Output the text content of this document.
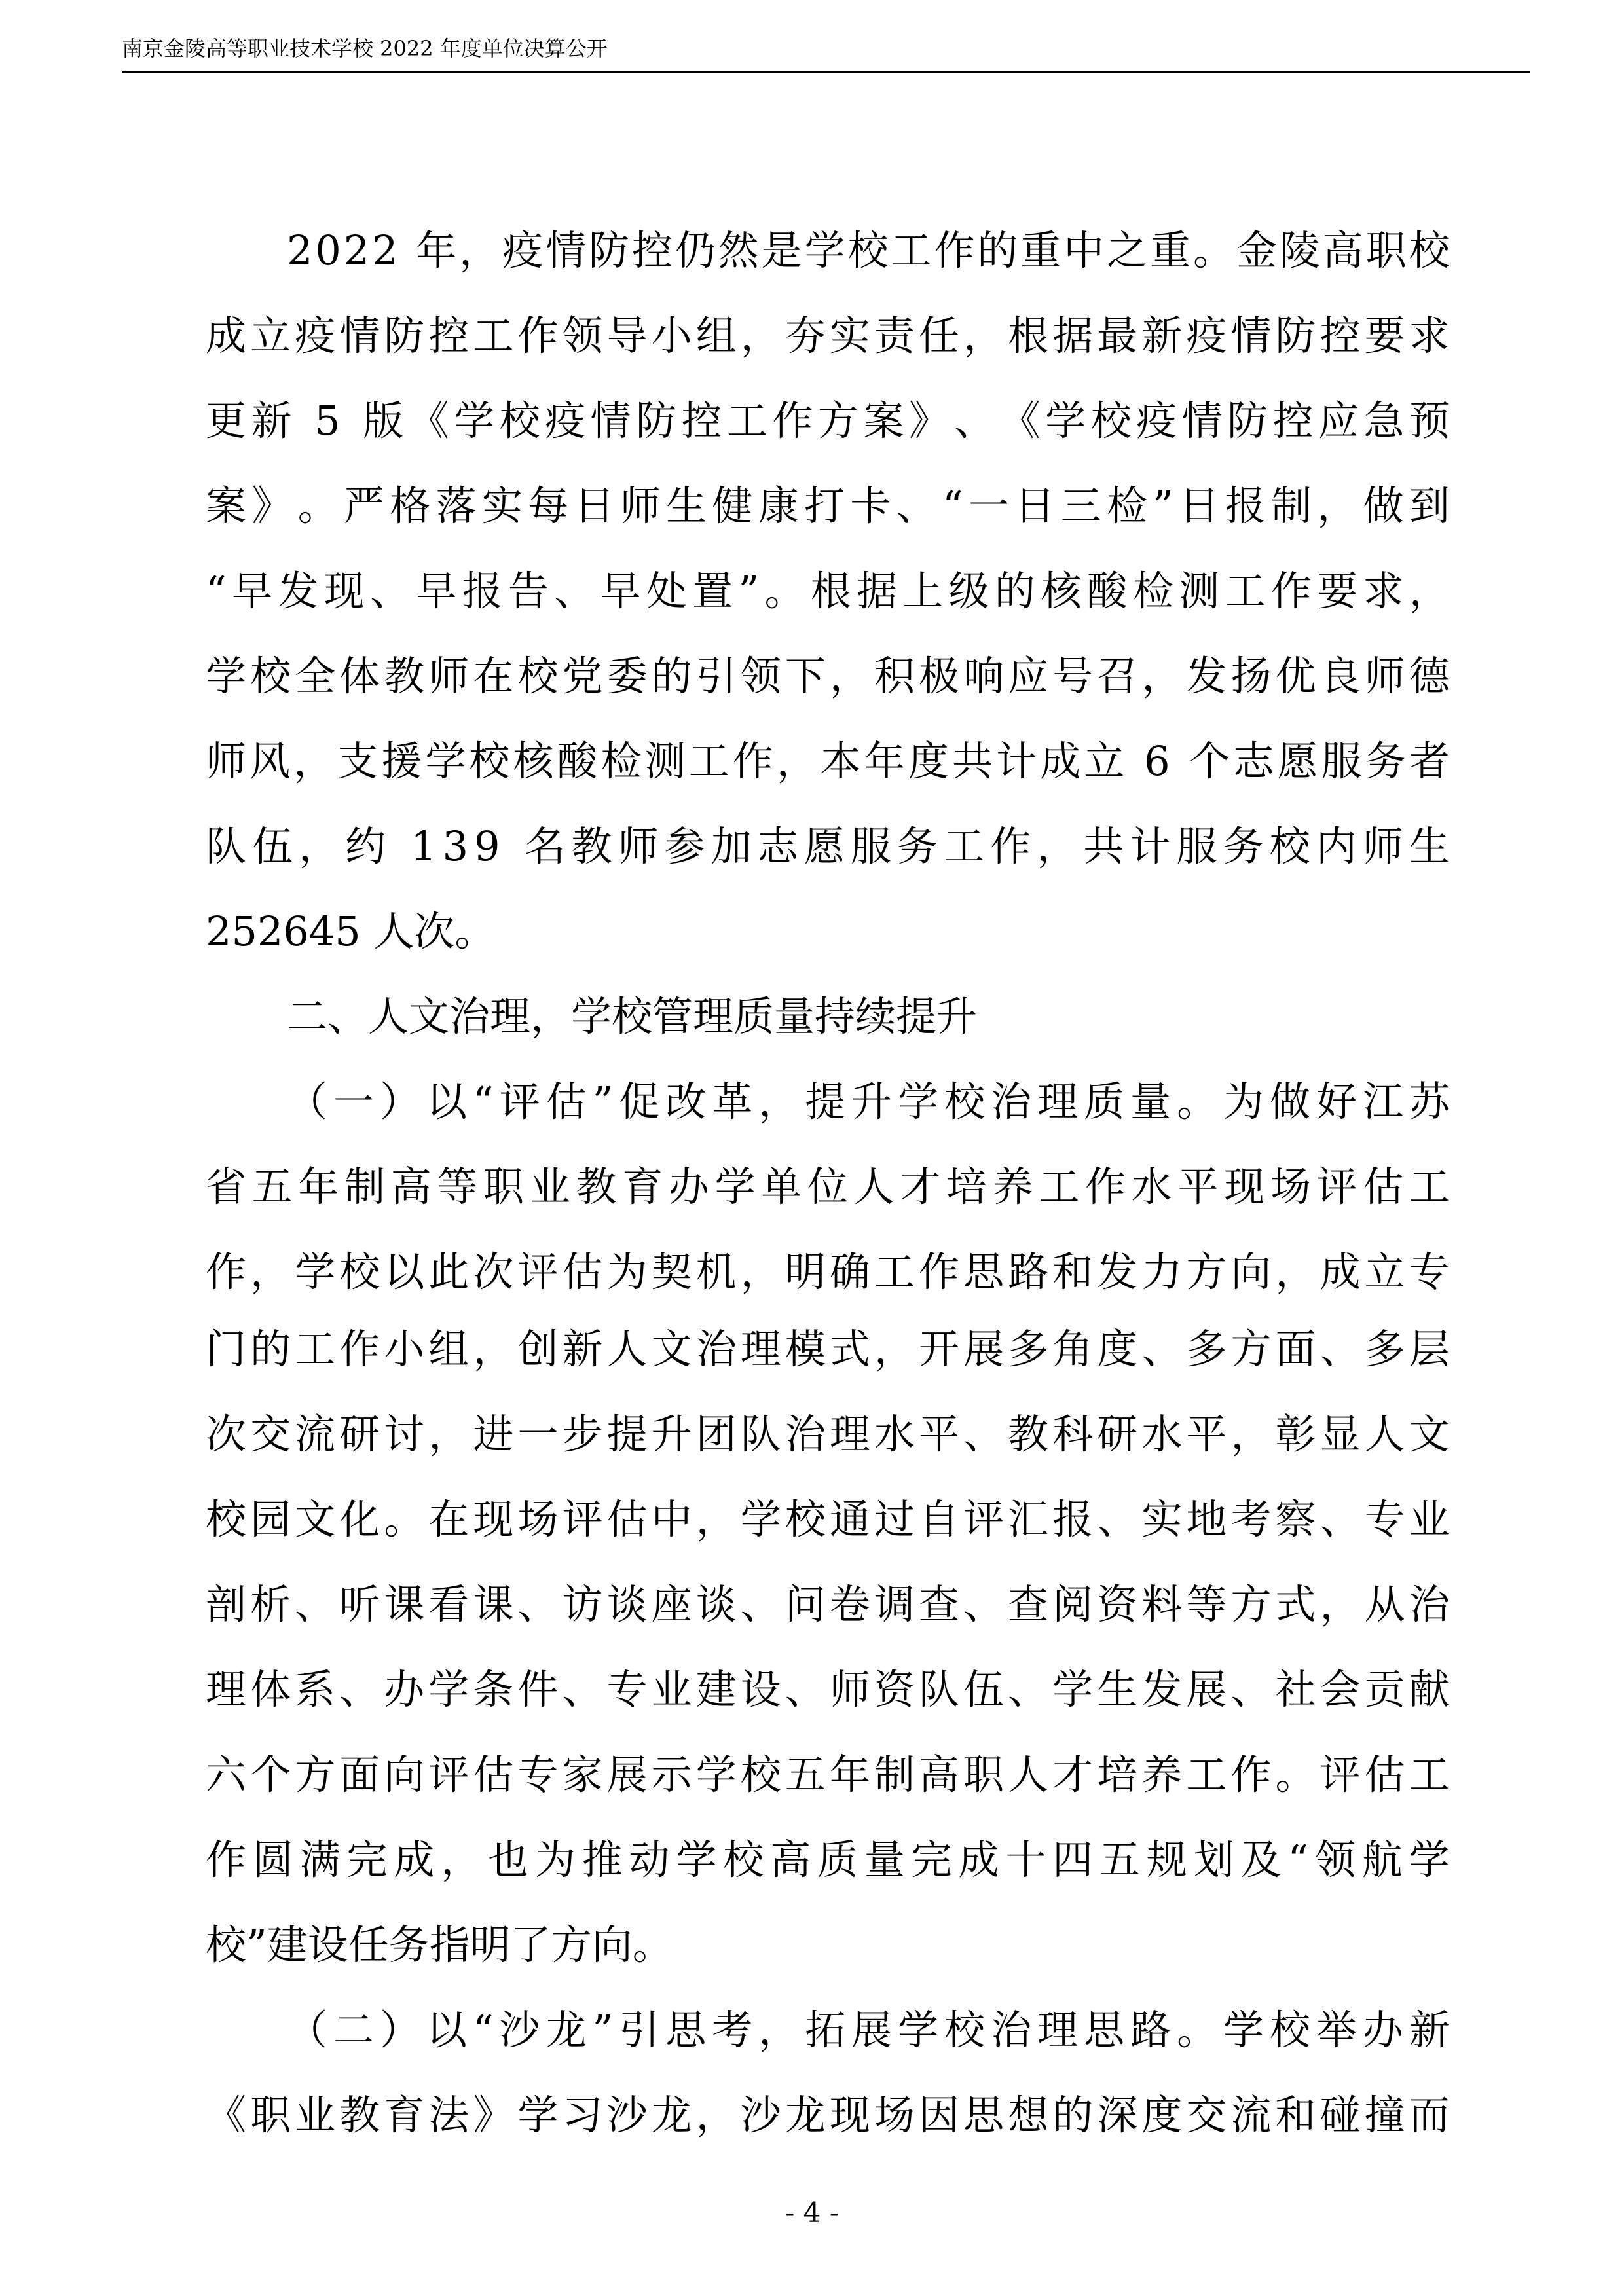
南京金陵高等职业技术学校 2022 年度单位决算公开
2 0 2 2
年 ， 疫 情 防 控 仍 然 是 学 校 工 作 的 重 中 之 重 。 金 陵 高 职 校
成 立 疫 情 防 控 工 作 领 导 小 组 ， 夯 实 责 任 ， 根 据 最 新 疫 情 防 控 要 求
更 新
5
版 《 学 校 疫 情 防 控 工 作 方 案 》 、 《 学 校 疫 情 防 控 应 急 预
案 》 。 严 格 落 实 每 日 师 生 健 康 打 卡 、 “ 一 日 三 检 ” 日 报 制 ， 做 到
“ 早 发 现 、 早 报 告 、 早 处 置 ” 。 根 据 上 级 的 核 酸 检 测 工 作 要 求 ，
学 校 全 体 教 师 在 校 党 委 的 引 领 下 ， 积 极 响 应 号 召 ， 发 扬 优 良 师 德
师 风 ， 支 援 学 校 核 酸 检 测 工 作 ， 本 年 度 共 计 成 立
6
个 志 愿 服 务 者
队 伍 ， 约
1 3 9
名 教 师 参 加 志 愿 服 务 工 作 ， 共 计 服 务 校 内 师 生
252645 人次。
二、人文治理，学校管理质量持续提升
（ 一 ） 以 “ 评 估 ” 促 改 革 ， 提 升 学 校 治 理 质 量 。 为 做 好 江 苏
省 五 年 制 高 等 职 业 教 育 办 学 单 位 人 才 培 养 工 作 水 平 现 场 评 估 工
作 ， 学 校 以 此 次 评 估 为 契 机 ， 明 确 工 作 思 路 和 发 力 方 向 ， 成 立 专
门 的 工 作 小 组 ， 创 新 人 文 治 理 模 式 ， 开 展 多 角 度 、 多 方 面 、 多 层
次 交 流 研 讨 ， 进 一 步 提 升 团 队 治 理 水 平 、 教 科 研 水 平 ， 彰 显 人 文
校 园 文 化 。 在 现 场 评 估 中 ， 学 校 通 过 自 评 汇 报 、 实 地 考 察 、 专 业
剖 析 、 听 课 看 课 、 访 谈 座 谈 、 问 卷 调 查 、 查 阅 资 料 等 方 式 ， 从 治
理 体 系 、 办 学 条 件 、 专 业 建 设 、 师 资 队 伍 、 学 生 发 展 、 社 会 贡 献
六 个 方 面 向 评 估 专 家 展 示 学 校 五 年 制 高 职 人 才 培 养 工 作 。 评 估 工
作 圆 满 完 成 ， 也 为 推 动 学 校 高 质 量 完 成 十 四 五 规 划 及 “ 领 航 学
校”建设任务指明了方向。
（ 二 ） 以 “ 沙 龙 ” 引 思 考 ， 拓 展 学 校 治 理 思 路 。 学 校 举 办 新
《 职 业 教 育 法 》 学 习 沙 龙 ， 沙 龙 现 场 因 思 想 的 深 度 交 流 和 碰 撞 而
- 4 -
